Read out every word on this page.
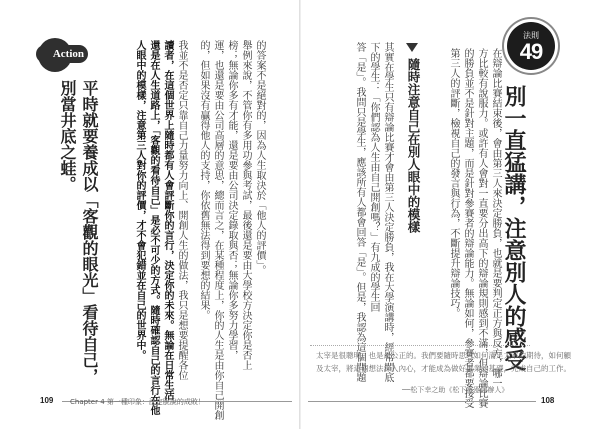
法則
49
別一直猛講，注意別人的感受
在辯論比賽結束後，會由第三人來決定勝負，也就是要判定正方與反方，哪一
方比較有說服力。或許有人會對一直要分出高下的辯論規則感到不滿，但辯論比賽
的勝負並不是針對主題，而是針對參賽者的辯論能力。無論如何，參賽者都要接受
第三人的評斷，檢視自己的發言與行為，不斷提升辯論技巧。
隨時注意自己在別人眼中的模樣
其實在學生只有辯論比賽才會由第三人決定勝負，我在大學演講時，經常問底
下的學生：「你們認為人生由自己開創嗎？」有九成的學生回
答「是」。我問只是學生，應該所有人都會回答「是」。但是，我認為這個問題
太宰是很聰明，也是最公正的。我們要隨時思考如何滿足太宰的期待，如何顧
及太宰，將這個想法深入內心，才能成為做好事業的基礎，完成自己的工作。
──松下幸之助《松下電器創辦人》
108
的答案不是絕對的，因為人生取決於「他人的評價」。
舉例來說，不管你有多用功參與考試，最後還是要由大學校方決定你是否上
榜；無論你多有才能，還是要由公司決定錄取與否；無論你多努力學習，
運，也還是要由公司高層的意思，總而言之，在某種程度上，你的人生是由你自己開創
的，但如果沒有贏得他人的支持，你依舊無法得到要想的結果。
我並不是否定只靠自己力量努力向上、開創人生的做法，我只是想要提醒各位
讀者，在這個世界上隨時都有人會評斷你的言行，決定你的未來。無論在日常生活
還是在人生道路上，「客觀的看待自己」是必不可少的方式。隨時確認自己的言行在他
人眼中的模樣，注意第三人對你的評價，才不會犯錯並在自己的世界中。
Action
平時就要養成以「客觀的眼光」看待自己，
別當井底之蛙。
109 Chapter 4 第一種印象：決定脫說的成敗！
